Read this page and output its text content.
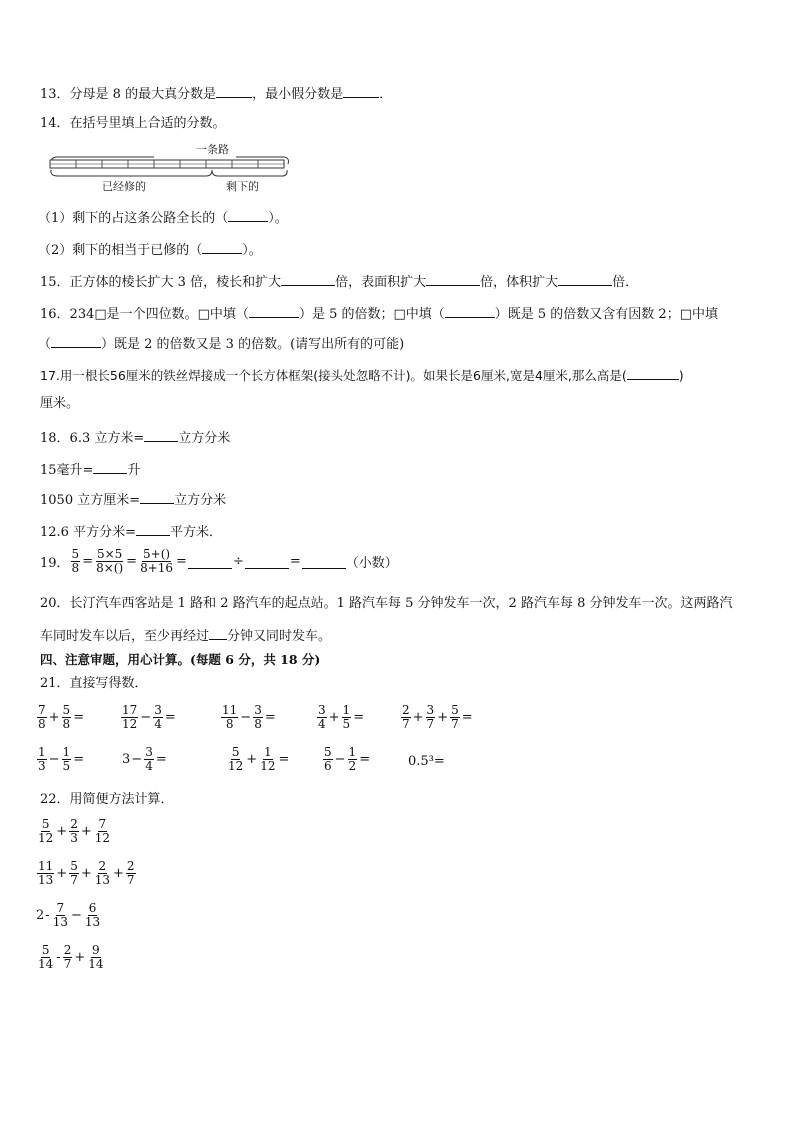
13．分母是 8 的最大真分数是	，最小假分数是	．
14．在括号里填上合适的分数。
一条路
已经修的	剩下的
（1）剩下的占这条公路全长的（	）。
（2）剩下的相当于已修的（	）。
15．正方体的棱长扩大 3 倍，棱长和扩大	倍，表面积扩大	倍，体积扩大	倍．
16．234□是一个四位数。□中填（	）是 5 的倍数；□中填（	）既是 5 的倍数又含有因数 2；□中填
（	）既是 2 的倍数又是 3 的倍数。(请写出所有的可能)
17.用一根长56厘米的铁丝焊接成一个长方体框架(接头处忽略不计)。如果长是6厘米,宽是4厘米,那么高是(	)
厘米。
18．6.3 立方米=	立方分米
15毫升=	升
1050 立方厘米=	立方分米
12.6 平方分米=	平方米．
19． $\frac{5}{8} = \frac{5\times 5}{8\times()} = \frac{5+()}{8+16}$ =	÷	=	（小数）
20．长汀汽车西客站是 1 路和 2 路汽车的起点站。1 路汽车每 5 分钟发车一次，2 路汽车每 8 分钟发车一次。这两路汽
车同时发车以后，至少再经过 分钟又同时发车。
四、注意审题，用心计算。(每题 6 分，共 18 分)
21．直接写得数．
$\frac{7}{8} + \frac{5}{8}$ =	$\frac{17}{12} - \frac{3}{4}$ =	$\frac{11}{8} - \frac{3}{8}$ =	$\frac{3}{4} + \frac{1}{5}$ =	$\frac{2}{7} + \frac{3}{7} + \frac{5}{7}$ =
$\frac{1}{3} - \frac{1}{5}$ =	$3 - \frac{3}{4}$ =	$\frac{5}{12} + \frac{1}{12}$ =	$\frac{5}{6} - \frac{1}{2}$ =	0.5³=
22．用简便方法计算．
$\frac{5}{12} + \frac{2}{3} + \frac{7}{12}$
$\frac{11}{13} + \frac{5}{7} + \frac{2}{13} + \frac{2}{7}$
$2 - \frac{7}{13} - \frac{6}{13}$
$\frac{5}{14} - \frac{2}{7} + \frac{9}{14}$
